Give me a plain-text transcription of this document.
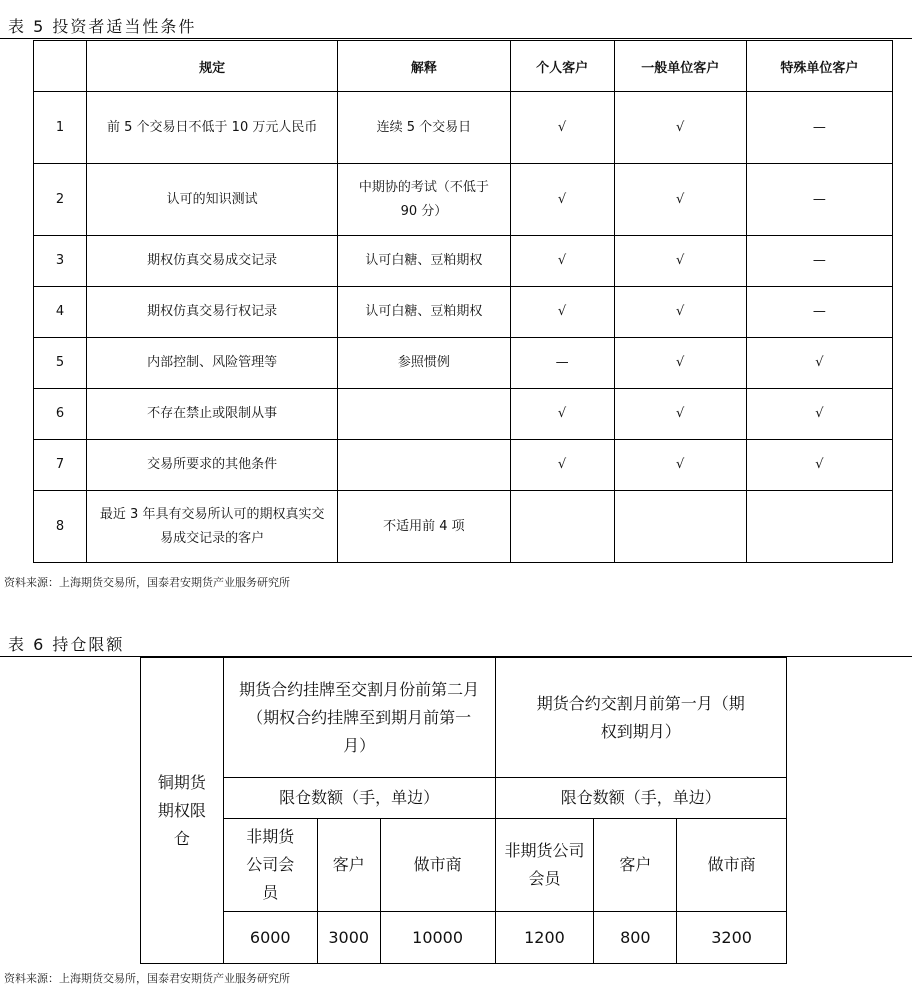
表 5 投资者适当性条件
	规定	解释	个人客户	一般单位客户	特殊单位客户
1	前 5 个交易日不低于 10 万元人民币	连续 5 个交易日	√	√	—
2	认可的知识测试	中期协的考试（不低于 90 分）	√	√	—
3	期权仿真交易成交记录	认可白糖、豆粕期权	√	√	—
4	期权仿真交易行权记录	认可白糖、豆粕期权	√	√	—
5	内部控制、风险管理等	参照惯例	—	√	√
6	不存在禁止或限制从事		√	√	√
7	交易所要求的其他条件		√	√	√
8	最近 3 年具有交易所认可的期权真实交易成交记录的客户	不适用前 4 项			

资料来源：上海期货交易所，国泰君安期货产业服务研究所
表 6 持仓限额
铜期货期权限仓	期货合约挂牌至交割月份前第二月（期权合约挂牌至到期月前第一月）			期货合约交割月前第一月（期权到期月）		

	限仓数额（手，单边）			限仓数额（手，单边）		

	非期货公司会员	客户	做市商	非期货公司会员	客户	做市商
	6000	3000	10000	1200	800	3200
资料来源：上海期货交易所，国泰君安期货产业服务研究所
